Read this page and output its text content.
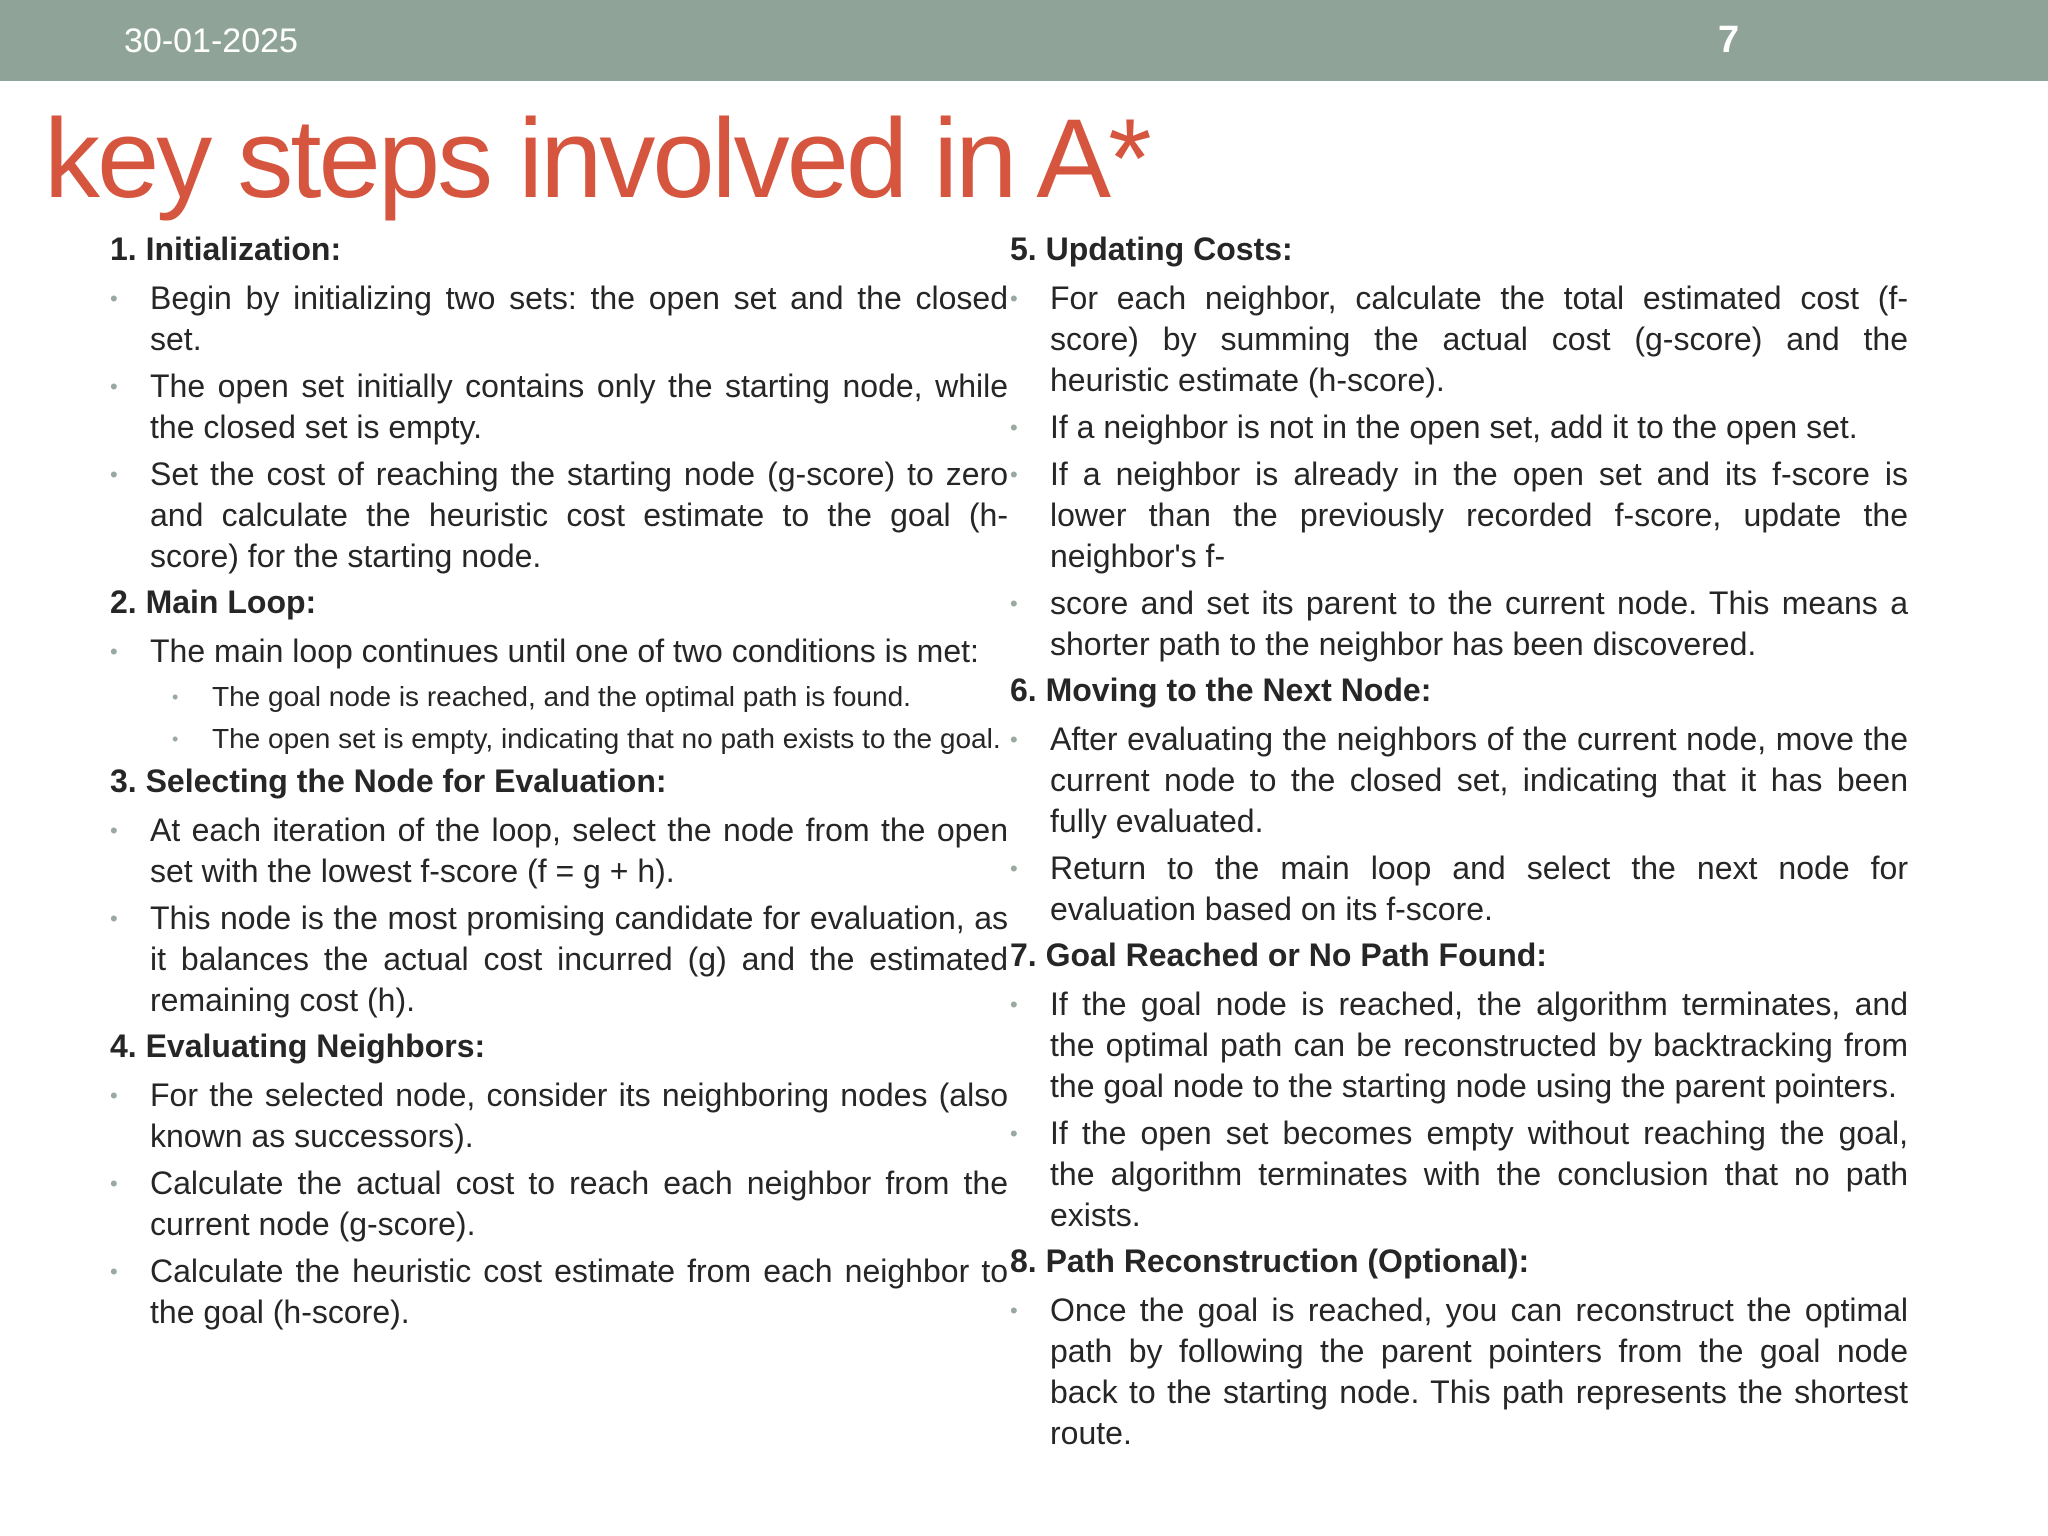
30-01-2025	7
key steps involved in A*
1. Initialization:
• Begin by initializing two sets: the open set and the closed set.
• The open set initially contains only the starting node, while the closed set is empty.
• Set the cost of reaching the starting node (g-score) to zero and calculate the heuristic cost estimate to the goal (h-score) for the starting node.
2. Main Loop:
• The main loop continues until one of two conditions is met:
• The goal node is reached, and the optimal path is found.
• The open set is empty, indicating that no path exists to the goal.
3. Selecting the Node for Evaluation:
• At each iteration of the loop, select the node from the open set with the lowest f-score (f = g + h).
• This node is the most promising candidate for evaluation, as it balances the actual cost incurred (g) and the estimated remaining cost (h).
4. Evaluating Neighbors:
• For the selected node, consider its neighboring nodes (also known as successors).
• Calculate the actual cost to reach each neighbor from the current node (g-score).
• Calculate the heuristic cost estimate from each neighbor to the goal (h-score).
5. Updating Costs:
• For each neighbor, calculate the total estimated cost (f-score) by summing the actual cost (g-score) and the heuristic estimate (h-score).
• If a neighbor is not in the open set, add it to the open set.
• If a neighbor is already in the open set and its f-score is lower than the previously recorded f-score, update the neighbor's f-
• score and set its parent to the current node. This means a shorter path to the neighbor has been discovered.
6. Moving to the Next Node:
• After evaluating the neighbors of the current node, move the current node to the closed set, indicating that it has been fully evaluated.
• Return to the main loop and select the next node for evaluation based on its f-score.
7. Goal Reached or No Path Found:
• If the goal node is reached, the algorithm terminates, and the optimal path can be reconstructed by backtracking from the goal node to the starting node using the parent pointers.
• If the open set becomes empty without reaching the goal, the algorithm terminates with the conclusion that no path exists.
8. Path Reconstruction (Optional):
• Once the goal is reached, you can reconstruct the optimal path by following the parent pointers from the goal node back to the starting node. This path represents the shortest route.
